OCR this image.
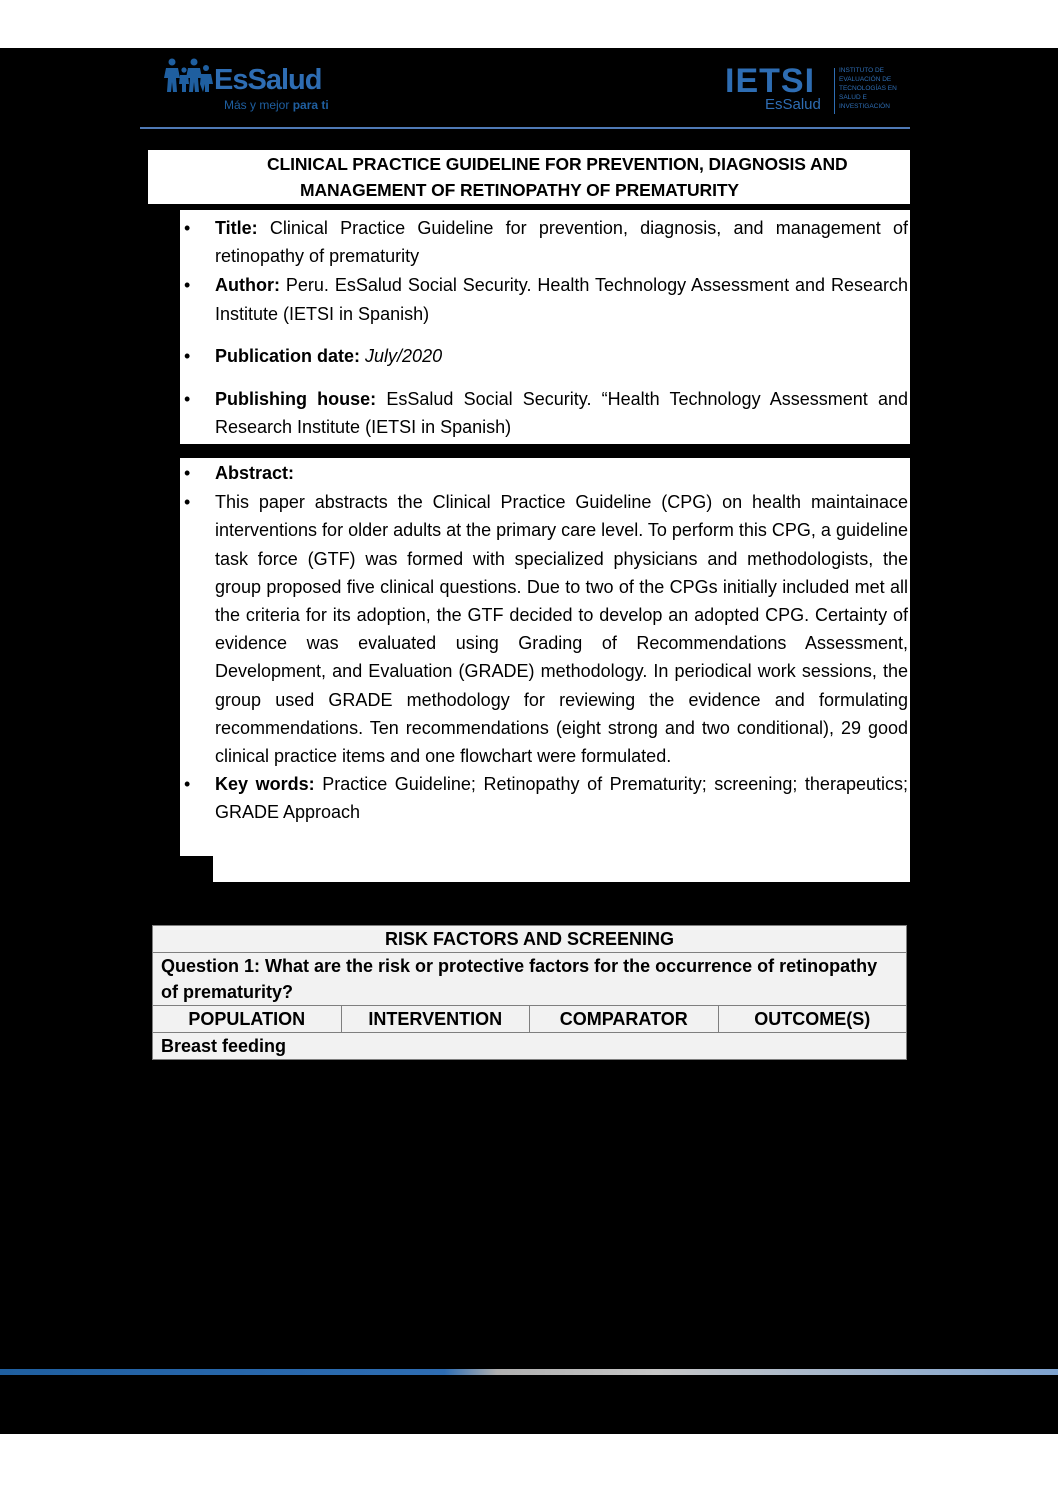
EsSalud
Más y mejor para ti
IETSI
EsSalud
INSTITUTO DE
EVALUACIÓN DE
TECNOLOGÍAS EN
SALUD E
INVESTIGACIÓN
CLINICAL PRACTICE GUIDELINE FOR PREVENTION, DIAGNOSIS AND
MANAGEMENT OF RETINOPATHY OF PREMATURITY
• Title: Clinical Practice Guideline for prevention, diagnosis, and management of retinopathy of prematurity
• Author: Peru. EsSalud Social Security. Health Technology Assessment and Research Institute (IETSI in Spanish)
• Publication date: July/2020
• Publishing house: EsSalud Social Security. “Health Technology Assessment and Research Institute (IETSI in Spanish)
• Abstract:
• This paper abstracts the Clinical Practice Guideline (CPG) on health maintainace interventions for older adults at the primary care level. To perform this CPG, a guideline task force (GTF) was formed with specialized physicians and methodologists, the group proposed five clinical questions. Due to two of the CPGs initially included met all the criteria for its adoption, the GTF decided to develop an adopted CPG. Certainty of evidence was evaluated using Grading of Recommendations Assessment, Development, and Evaluation (GRADE) methodology. In periodical work sessions, the group used GRADE methodology for reviewing the evidence and formulating recommendations. Ten recommendations (eight strong and two conditional), 29 good clinical practice items and one flowchart were formulated.
• Key words: Practice Guideline; Retinopathy of Prematurity; screening; therapeutics; GRADE Approach
RISK FACTORS AND SCREENING
Question 1: What are the risk or protective factors for the occurrence of retinopathy of prematurity?
POPULATION	INTERVENTION	COMPARATOR	OUTCOME(S)
Breast feeding
